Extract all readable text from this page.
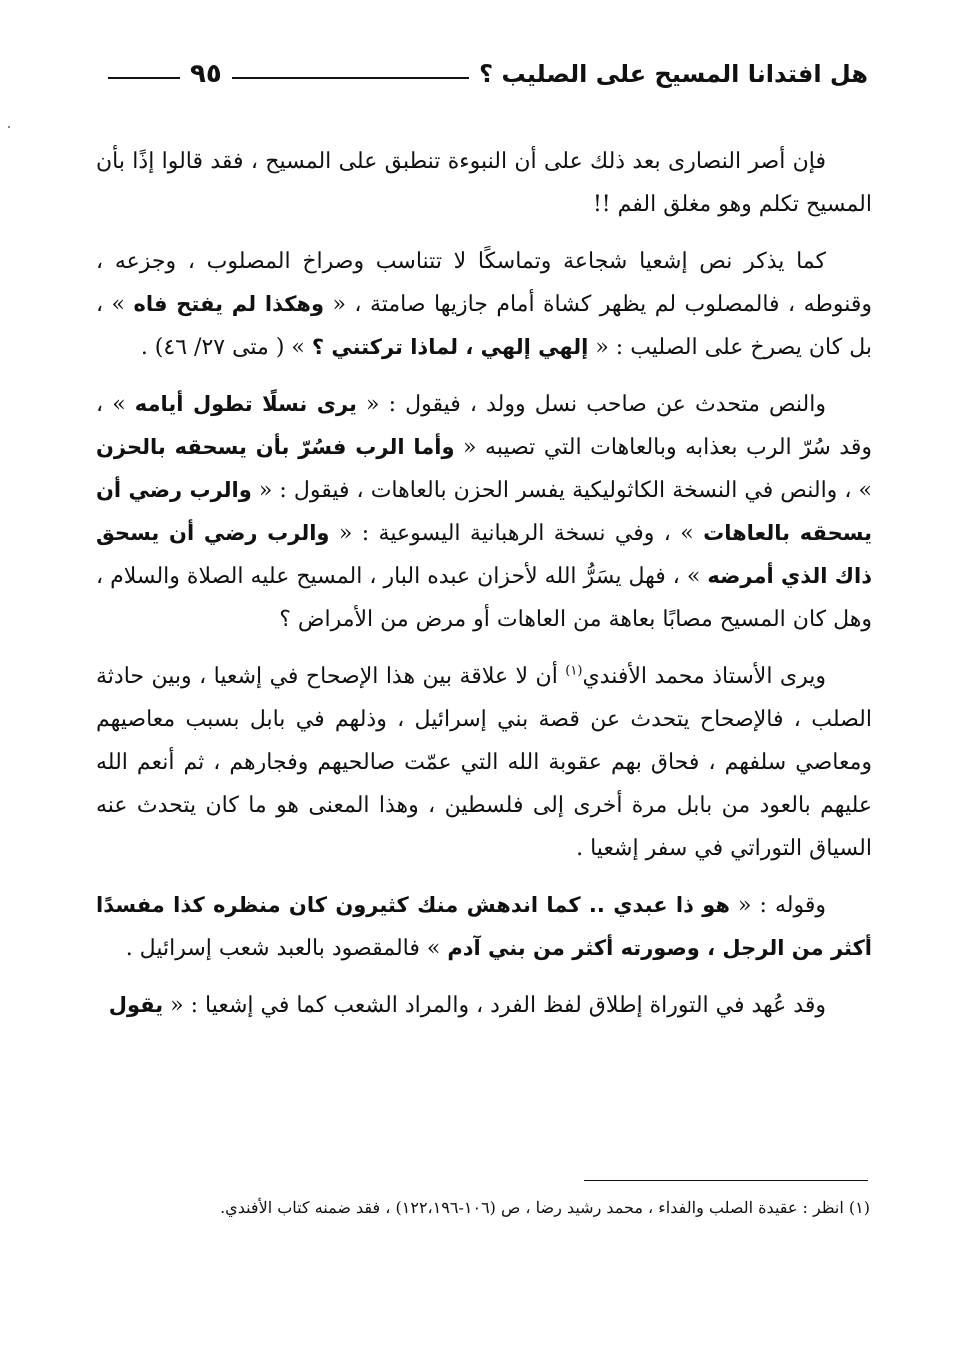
هل افتدانا المسيح على الصليب ؟
٩٥

فإن أصر النصارى بعد ذلك على أن النبوءة تنطبق على المسيح ، فقد قالوا إذًا بأن المسيح تكلم وهو مغلق الفم !!

كما يذكر نص إشعيا شجاعة وتماسكًا لا تتناسب وصراخ المصلوب ، وجزعه ، وقنوطه ، فالمصلوب لم يظهر كشاة أمام جازيها صامتة ، « وهكذا لم يفتح فاه » ، بل كان يصرخ على الصليب : « إلهي إلهي ، لماذا تركتني ؟ » ( متى ٢٧/ ٤٦) .

والنص متحدث عن صاحب نسل وولد ، فيقول : « يرى نسلًا تطول أيامه » ، وقد سُرّ الرب بعذابه وبالعاهات التي تصيبه « وأما الرب فسُرّ بأن يسحقه بالحزن » ، والنص في النسخة الكاثوليكية يفسر الحزن بالعاهات ، فيقول : « والرب رضي أن يسحقه بالعاهات » ، وفي نسخة الرهبانية اليسوعية : « والرب رضي أن يسحق ذاك الذي أمرضه » ، فهل يسَرُّ الله لأحزان عبده البار ، المسيح عليه الصلاة والسلام ، وهل كان المسيح مصابًا بعاهة من العاهات أو مرض من الأمراض ؟

ويرى الأستاذ محمد الأفندي$^{(١)}$ أن لا علاقة بين هذا الإصحاح في إشعيا ، وبين حادثة الصلب ، فالإصحاح يتحدث عن قصة بني إسرائيل ، وذلهم في بابل بسبب معاصيهم ومعاصي سلفهم ، فحاق بهم عقوبة الله التي عمّت صالحيهم وفجارهم ، ثم أنعم الله عليهم بالعود من بابل مرة أخرى إلى فلسطين ، وهذا المعنى هو ما كان يتحدث عنه السياق التوراتي في سفر إشعيا .

وقوله : « هو ذا عبدي .. كما اندهش منك كثيرون كان منظره كذا مفسدًا أكثر من الرجل ، وصورته أكثر من بني آدم » فالمقصود بالعبد شعب إسرائيل .

وقد عُهد في التوراة إطلاق لفظ الفرد ، والمراد الشعب كما في إشعيا : « يقول

(١) انظر : عقيدة الصلب والفداء ، محمد رشيد رضا ، ص (١٠٦-١٢٢،١٩٦) ، فقد ضمنه كتاب الأفندي.
